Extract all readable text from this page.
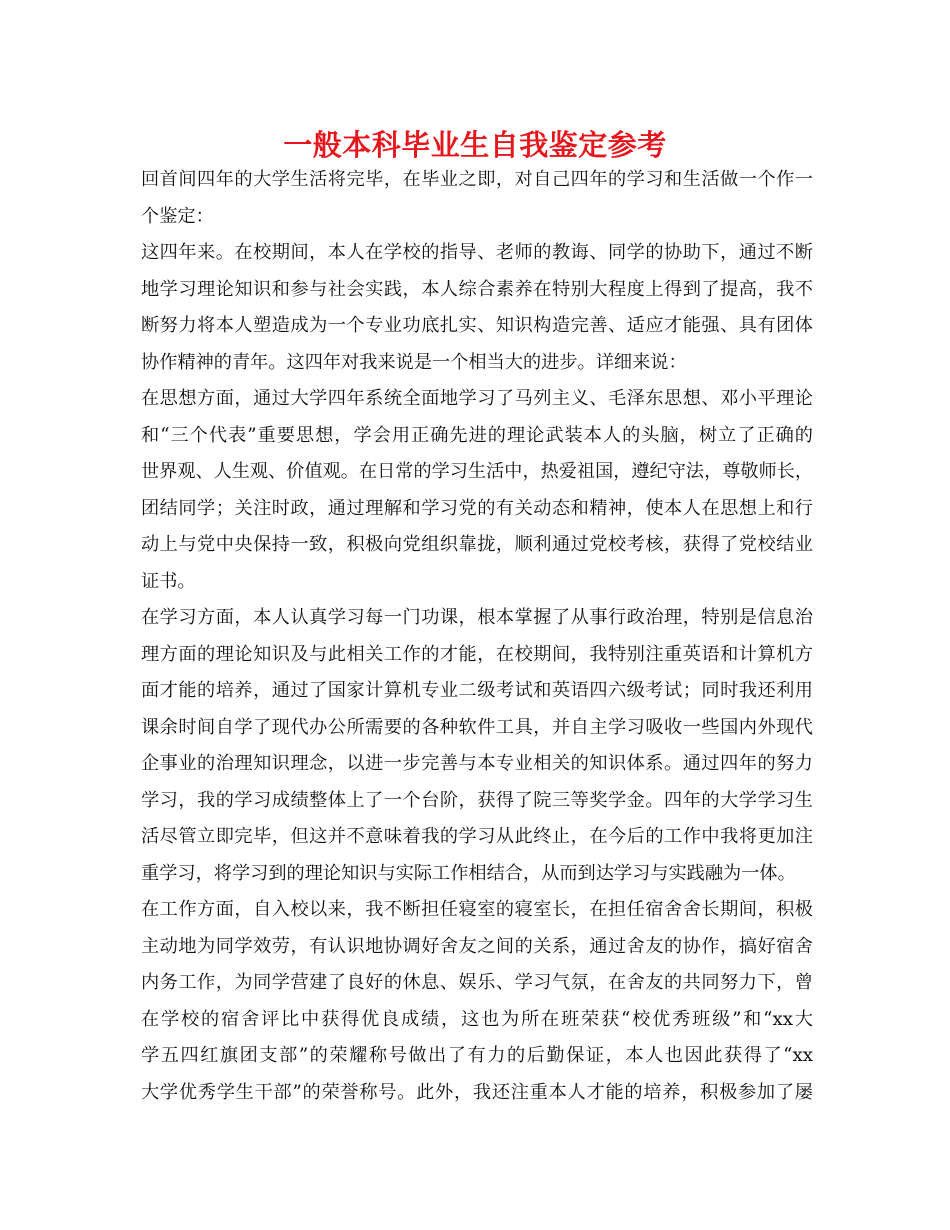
一般本科毕业生自我鉴定参考
回首间四年的大学生活将完毕，在毕业之即，对自己四年的学习和生活做一个作一
个鉴定：
这四年来。在校期间，本人在学校的指导、老师的教诲、同学的协助下，通过不断
地学习理论知识和参与社会实践，本人综合素养在特别大程度上得到了提高，我不
断努力将本人塑造成为一个专业功底扎实、知识构造完善、适应才能强、具有团体
协作精神的青年。这四年对我来说是一个相当大的进步。详细来说：
在思想方面，通过大学四年系统全面地学习了马列主义、毛泽东思想、邓小平理论
和“三个代表”重要思想，学会用正确先进的理论武装本人的头脑，树立了正确的
世界观、人生观、价值观。在日常的学习生活中，热爱祖国，遵纪守法，尊敬师长，
团结同学；关注时政，通过理解和学习党的有关动态和精神，使本人在思想上和行
动上与党中央保持一致，积极向党组织靠拢，顺利通过党校考核，获得了党校结业
证书。
在学习方面，本人认真学习每一门功课，根本掌握了从事行政治理，特别是信息治
理方面的理论知识及与此相关工作的才能，在校期间，我特别注重英语和计算机方
面才能的培养，通过了国家计算机专业二级考试和英语四六级考试；同时我还利用
课余时间自学了现代办公所需要的各种软件工具，并自主学习吸收一些国内外现代
企事业的治理知识理念，以进一步完善与本专业相关的知识体系。通过四年的努力
学习，我的学习成绩整体上了一个台阶，获得了院三等奖学金。四年的大学学习生
活尽管立即完毕，但这并不意味着我的学习从此终止，在今后的工作中我将更加注
重学习，将学习到的理论知识与实际工作相结合，从而到达学习与实践融为一体。
在工作方面，自入校以来，我不断担任寝室的寝室长，在担任宿舍舍长期间，积极
主动地为同学效劳，有认识地协调好舍友之间的关系，通过舍友的协作，搞好宿舍
内务工作，为同学营建了良好的休息、娱乐、学习气氛，在舍友的共同努力下，曾
在学校的宿舍评比中获得优良成绩，这也为所在班荣获“校优秀班级”和“xx大
学五四红旗团支部”的荣耀称号做出了有力的后勤保证，本人也因此获得了“xx
大学优秀学生干部”的荣誉称号。此外，我还注重本人才能的培养，积极参加了屡
